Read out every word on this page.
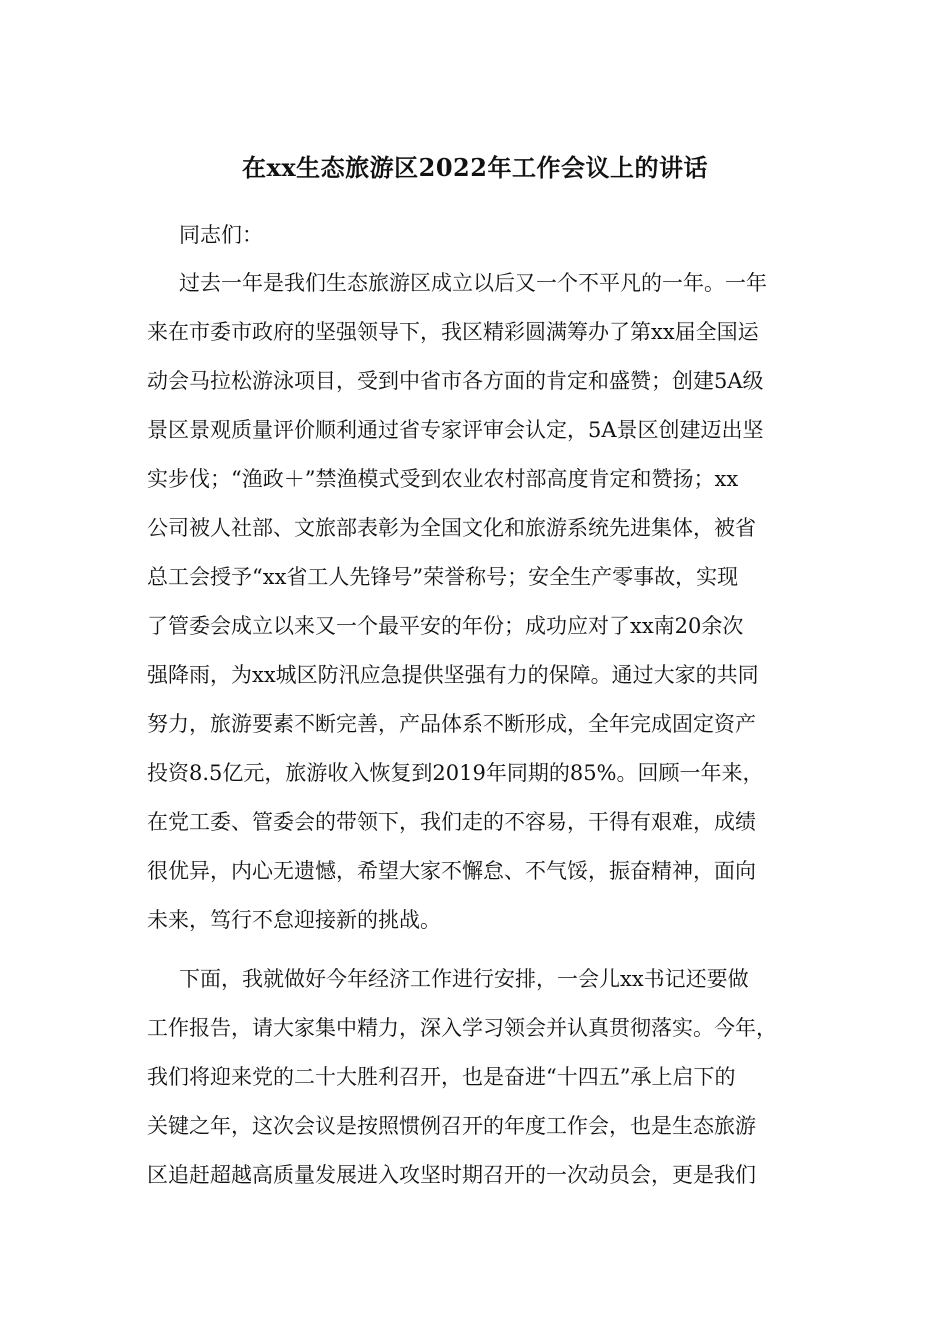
在xx生态旅游区2022年工作会议上的讲话

同志们：

过去一年是我们生态旅游区成立以后又一个不平凡的一年。一年

来在市委市政府的坚强领导下，我区精彩圆满筹办了第xx届全国运

动会马拉松游泳项目，受到中省市各方面的肯定和盛赞；创建5A级

景区景观质量评价顺利通过省专家评审会认定，5A景区创建迈出坚

实步伐；“渔政＋”禁渔模式受到农业农村部高度肯定和赞扬；xx

公司被人社部、文旅部表彰为全国文化和旅游系统先进集体，被省

总工会授予“xx省工人先锋号”荣誉称号；安全生产零事故，实现

了管委会成立以来又一个最平安的年份；成功应对了xx南20余次

强降雨，为xx城区防汛应急提供坚强有力的保障。通过大家的共同

努力，旅游要素不断完善，产品体系不断形成，全年完成固定资产

投资8.5亿元，旅游收入恢复到2019年同期的85%。回顾一年来，

在党工委、管委会的带领下，我们走的不容易，干得有艰难，成绩

很优异，内心无遗憾，希望大家不懈怠、不气馁，振奋精神，面向

未来，笃行不怠迎接新的挑战。

下面，我就做好今年经济工作进行安排，一会儿xx书记还要做

工作报告，请大家集中精力，深入学习领会并认真贯彻落实。今年，

我们将迎来党的二十大胜利召开，也是奋进“十四五”承上启下的

关键之年，这次会议是按照惯例召开的年度工作会，也是生态旅游

区追赶超越高质量发展进入攻坚时期召开的一次动员会，更是我们
